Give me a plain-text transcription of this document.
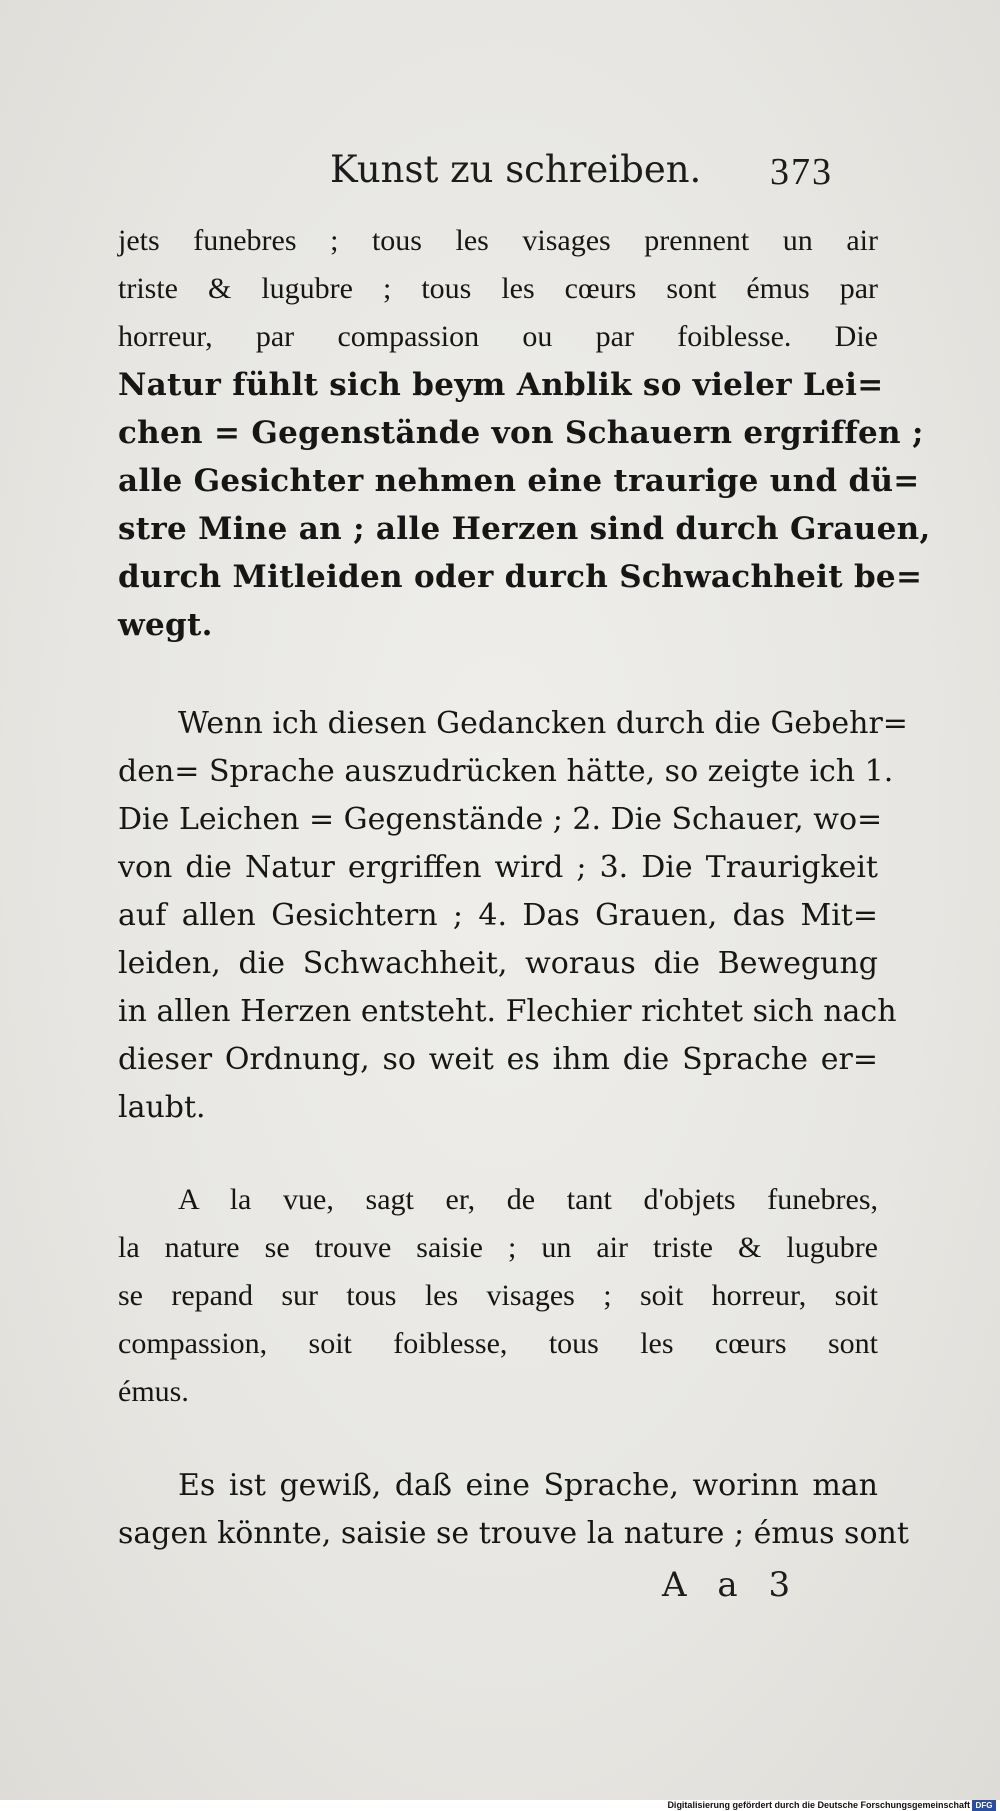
Kunst zu schreiben. 373
jets funebres ; tous les visages prennent un air
triste & lugubre ; tous les cœurs sont émus par
horreur, par compassion ou par foiblesse. Die
Natur fühlt sich beym Anblik so vieler Lei=
chen = Gegenstände von Schauern ergriffen ;
alle Gesichter nehmen eine traurige und dü=
stre Mine an ; alle Herzen sind durch Grauen,
durch Mitleiden oder durch Schwachheit be=
wegt.
Wenn ich diesen Gedancken durch die Gebehr=
den= Sprache auszudrücken hätte, so zeigte ich 1.
Die Leichen = Gegenstände ; 2. Die Schauer, wo=
von die Natur ergriffen wird ; 3. Die Traurigkeit
auf allen Gesichtern ; 4. Das Grauen, das Mit=
leiden, die Schwachheit, woraus die Bewegung
in allen Herzen entsteht. Flechier richtet sich nach
dieser Ordnung, so weit es ihm die Sprache er=
laubt.
A la vue, sagt er, de tant d'objets funebres,
la nature se trouve saisie ; un air triste & lugubre
se repand sur tous les visages ; soit horreur, soit
compassion, soit foiblesse, tous les cœurs sont
émus.
Es ist gewiß, daß eine Sprache, worinn man
sagen könnte, saisie se trouve la nature ; émus sont
A a 3
Digitalisierung gefördert durch die Deutsche Forschungsgemeinschaft DFG
